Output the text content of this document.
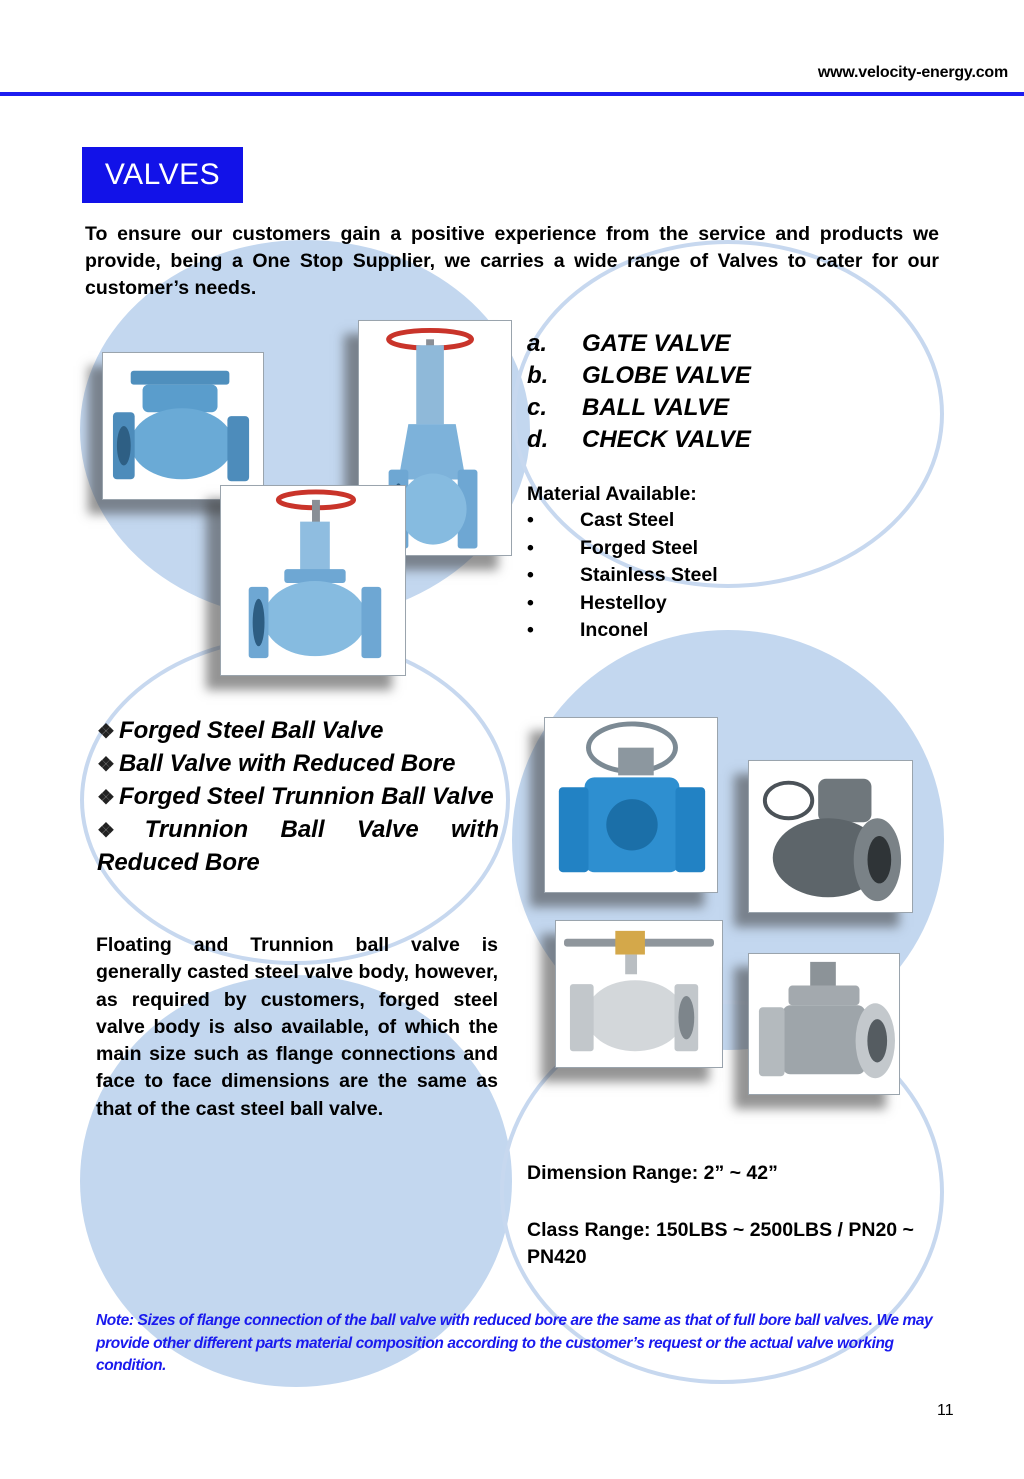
www.velocity-energy.com
VALVES
To ensure our customers gain a positive experience from the service and products we provide, being a One Stop Supplier, we carries a wide range of Valves to cater for our customer’s needs.
a. GATE VALVE
b. GLOBE VALVE
c. BALL VALVE
d. CHECK VALVE
Material Available:
• Cast Steel
• Forged Steel
• Stainless Steel
• Hestelloy
• Inconel
❖ Forged Steel Ball Valve
❖ Ball Valve with Reduced Bore
❖ Forged Steel Trunnion Ball Valve
❖ Trunnion Ball Valve with Reduced Bore
Floating and Trunnion ball valve is generally casted steel valve body, however, as required by customers, forged steel valve body is also available, of which the main size such as flange connections and face to face dimensions are the same as that of the cast steel ball valve.
Dimension Range: 2” ~ 42”
Class Range: 150LBS ~ 2500LBS / PN20 ~ PN420
Note: Sizes of flange connection of the ball valve with reduced bore are the same as that of full bore ball valves. We may provide other different parts material composition according to the customer’s request or the actual valve working condition.
11
